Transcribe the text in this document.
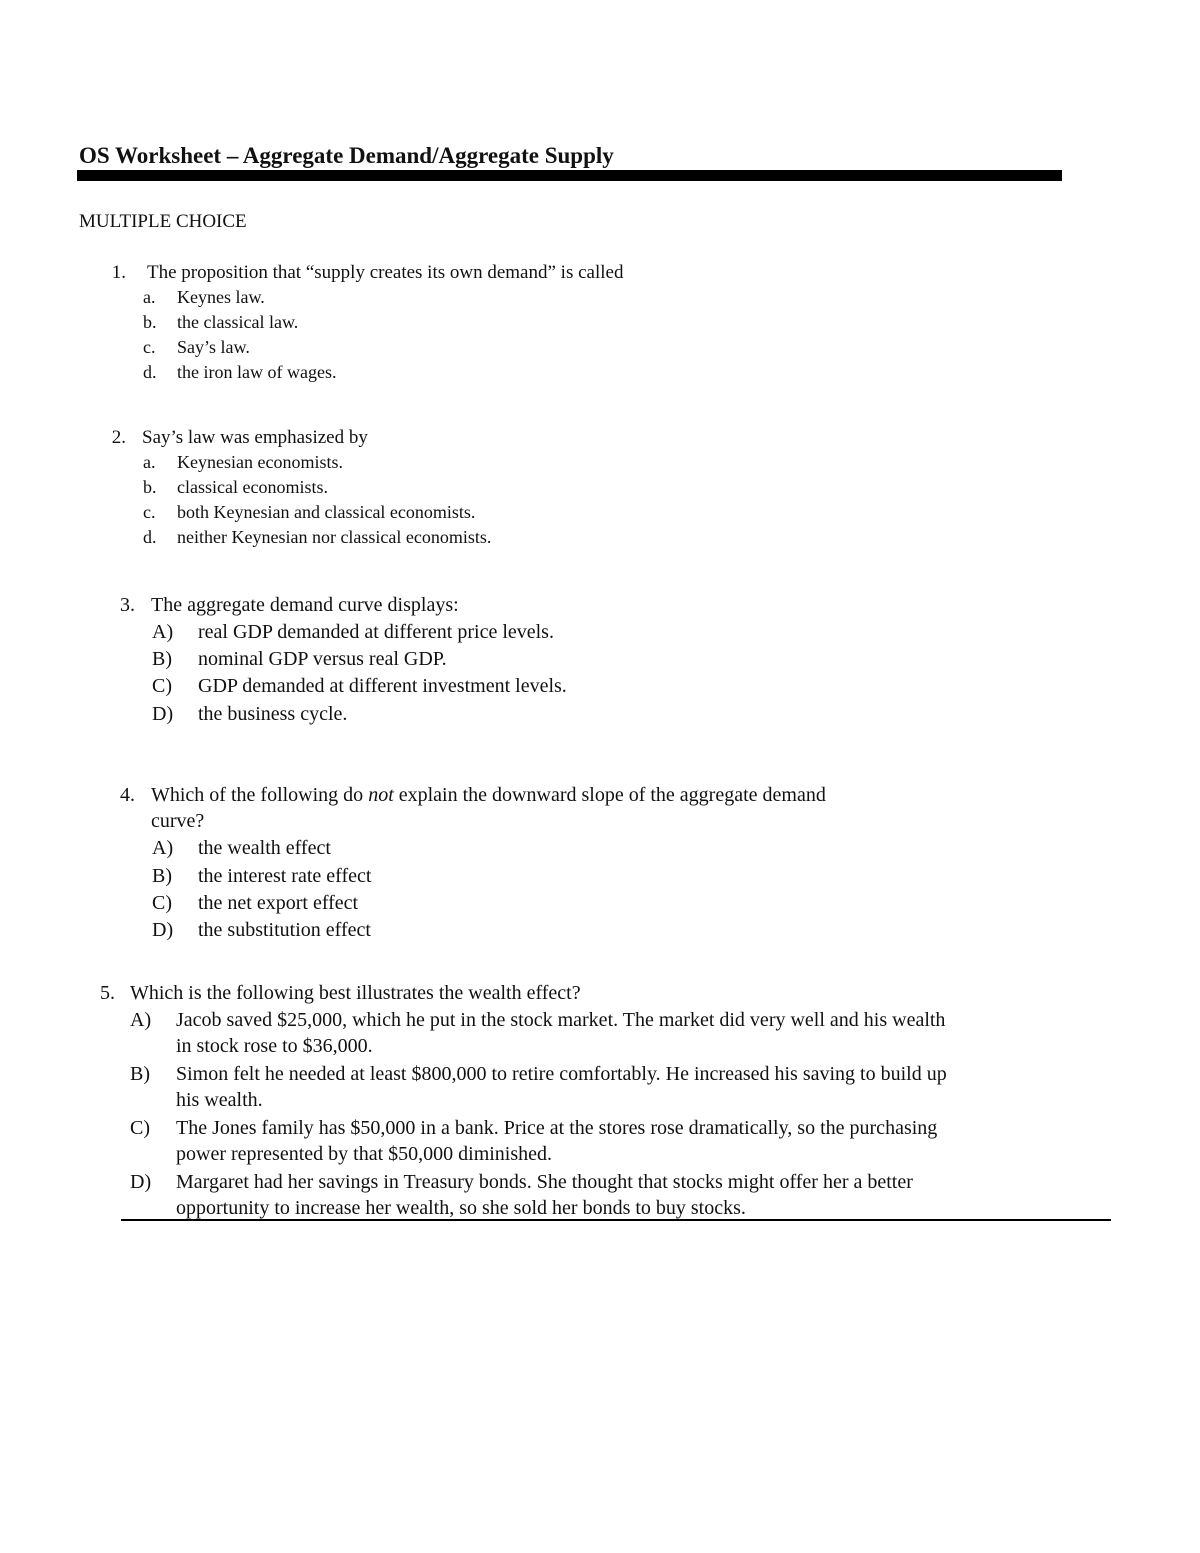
OS Worksheet – Aggregate Demand/Aggregate Supply
MULTIPLE CHOICE
1. The proposition that “supply creates its own demand” is called
a. Keynes law.
b. the classical law.
c. Say’s law.
d. the iron law of wages.
2. Say’s law was emphasized by
a. Keynesian economists.
b. classical economists.
c. both Keynesian and classical economists.
d. neither Keynesian nor classical economists.
3. The aggregate demand curve displays:
A) real GDP demanded at different price levels.
B) nominal GDP versus real GDP.
C) GDP demanded at different investment levels.
D) the business cycle.
4. Which of the following do not explain the downward slope of the aggregate demand
curve?
A) the wealth effect
B) the interest rate effect
C) the net export effect
D) the substitution effect
5. Which is the following best illustrates the wealth effect?
A) Jacob saved $25,000, which he put in the stock market. The market did very well and his wealth
in stock rose to $36,000.
B) Simon felt he needed at least $800,000 to retire comfortably. He increased his saving to build up
his wealth.
C) The Jones family has $50,000 in a bank. Price at the stores rose dramatically, so the purchasing
power represented by that $50,000 diminished.
D) Margaret had her savings in Treasury bonds. She thought that stocks might offer her a better
opportunity to increase her wealth, so she sold her bonds to buy stocks.
